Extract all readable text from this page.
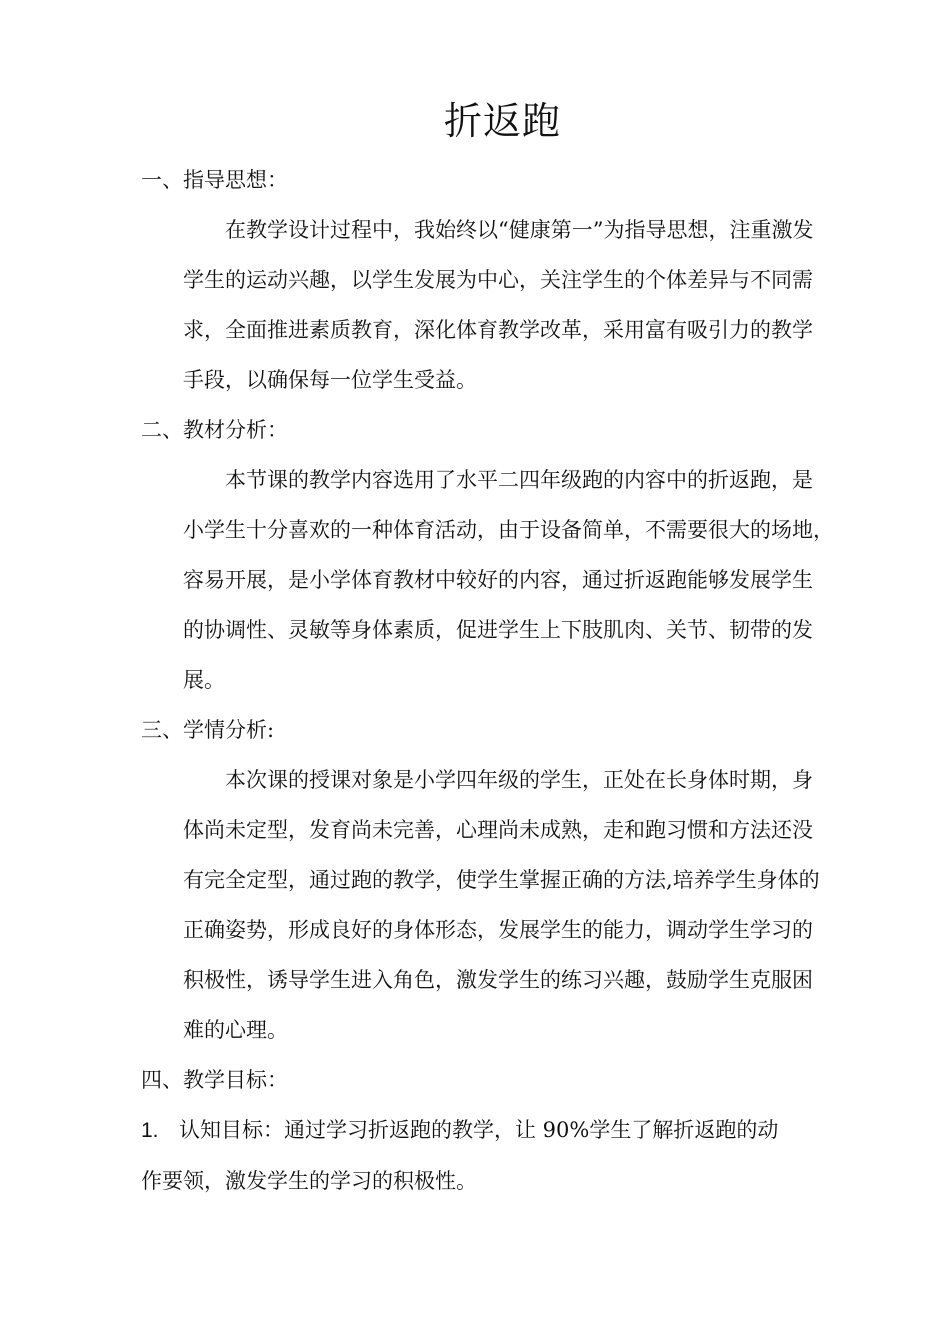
折返跑

一、指导思想：

在教学设计过程中，我始终以“健康第一”为指导思想，注重激发
学生的运动兴趣，以学生发展为中心，关注学生的个体差异与不同需
求，全面推进素质教育，深化体育教学改革，采用富有吸引力的教学
手段，以确保每一位学生受益。

二、教材分析：

本节课的教学内容选用了水平二四年级跑的内容中的折返跑，是
小学生十分喜欢的一种体育活动，由于设备简单，不需要很大的场地，
容易开展，是小学体育教材中较好的内容，通过折返跑能够发展学生
的协调性、灵敏等身体素质，促进学生上下肢肌肉、关节、韧带的发
展。

三、学情分析:

本次课的授课对象是小学四年级的学生，正处在长身体时期，身
体尚未定型，发育尚未完善，心理尚未成熟，走和跑习惯和方法还没
有完全定型，通过跑的教学，使学生掌握正确的方法,培养学生身体的
正确姿势，形成良好的身体形态，发展学生的能力，调动学生学习的
积极性，诱导学生进入角色，激发学生的练习兴趣，鼓励学生克服困
难的心理。

四、教学目标：

1. 认知目标：通过学习折返跑的教学，让 90%学生了解折返跑的动
作要领，激发学生的学习的积极性。
